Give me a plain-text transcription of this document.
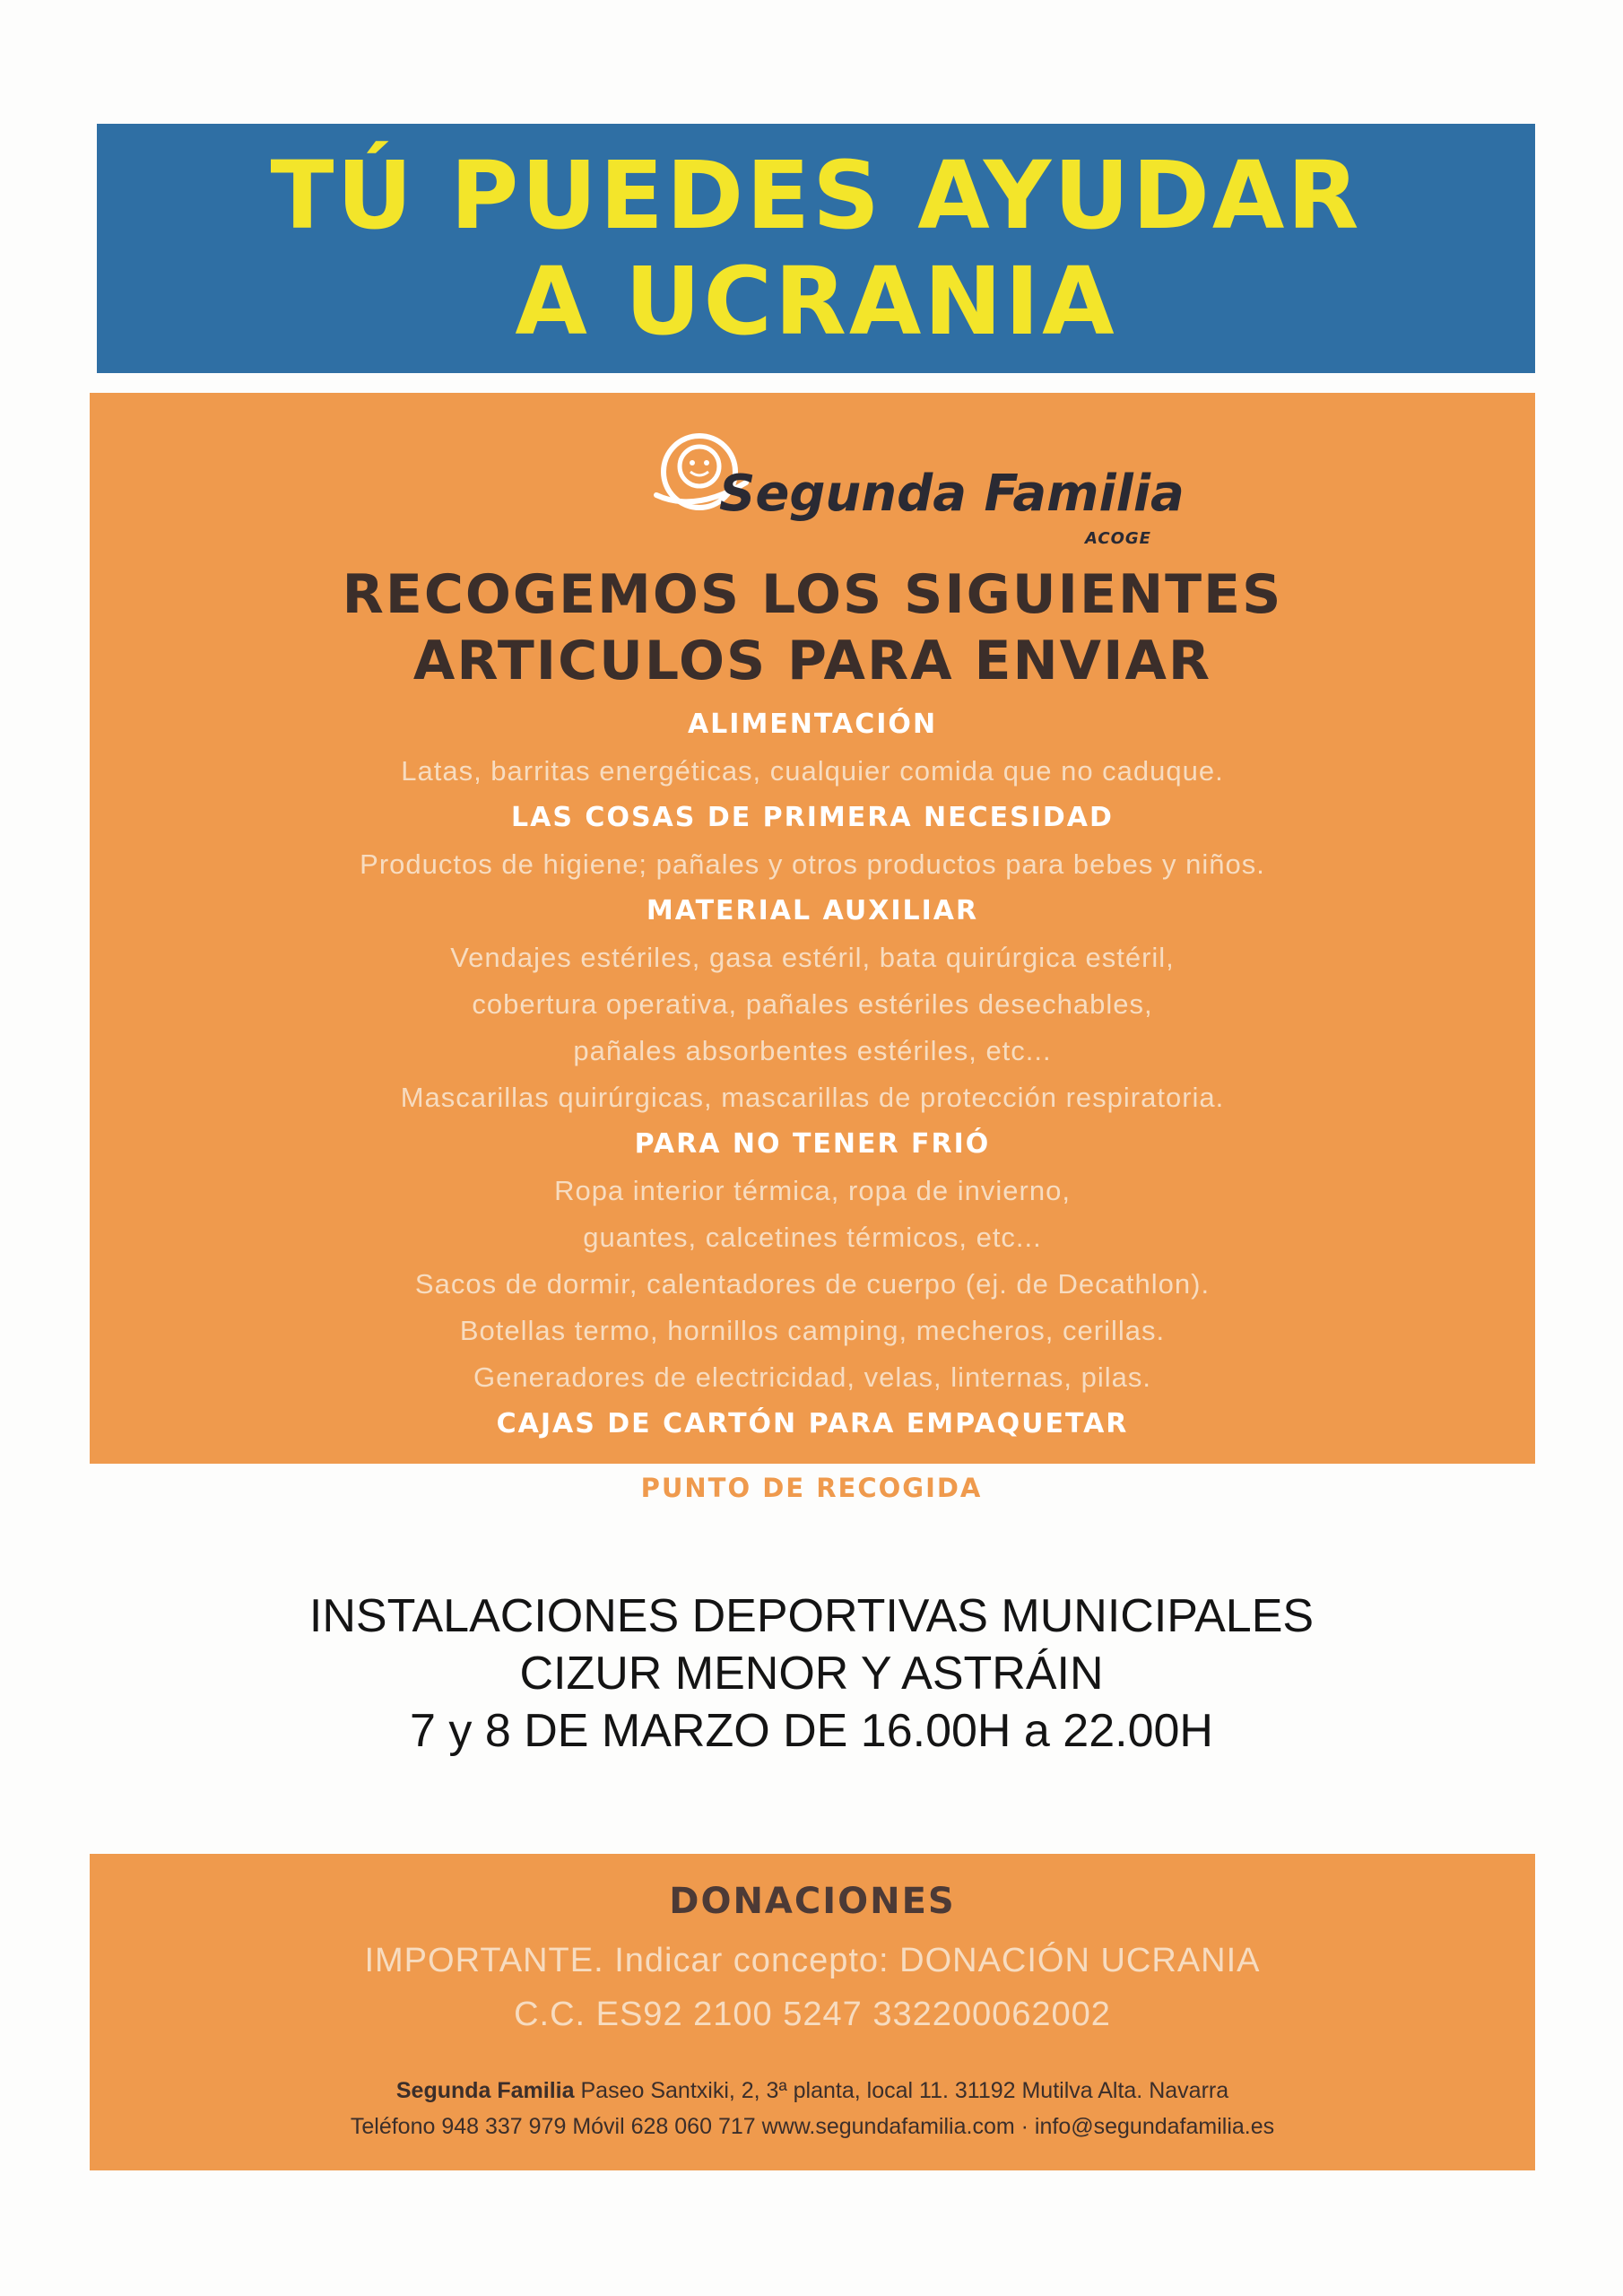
TÚ PUEDES AYUDAR
A UCRANIA
Segunda Familia
ACOGE
RECOGEMOS LOS SIGUIENTES
ARTICULOS PARA ENVIAR
ALIMENTACIÓN
Latas, barritas energéticas, cualquier comida que no caduque.
LAS COSAS DE PRIMERA NECESIDAD
Productos de higiene; pañales y otros productos para bebes y niños.
MATERIAL AUXILIAR
Vendajes estériles, gasa estéril, bata quirúrgica estéril,
cobertura operativa, pañales estériles desechables,
pañales absorbentes estériles, etc...
Mascarillas quirúrgicas, mascarillas de protección respiratoria.
PARA NO TENER FRIÓ
Ropa interior térmica, ropa de invierno,
guantes, calcetines térmicos, etc...
Sacos de dormir, calentadores de cuerpo (ej. de Decathlon).
Botellas termo, hornillos camping, mecheros, cerillas.
Generadores de electricidad, velas, linternas, pilas.
CAJAS DE CARTÓN PARA EMPAQUETAR
PUNTO DE RECOGIDA
INSTALACIONES DEPORTIVAS MUNICIPALES
CIZUR MENOR Y ASTRÁIN
7 y 8 DE MARZO DE 16.00H a 22.00H
DONACIONES
IMPORTANTE. Indicar concepto: DONACIÓN UCRANIA
C.C. ES92 2100 5247 332200062002
Segunda Familia Paseo Santxiki, 2, 3ª planta, local 11. 31192 Mutilva Alta. Navarra
Teléfono 948 337 979 Móvil 628 060 717 www.segundafamilia.com · info@segundafamilia.es
